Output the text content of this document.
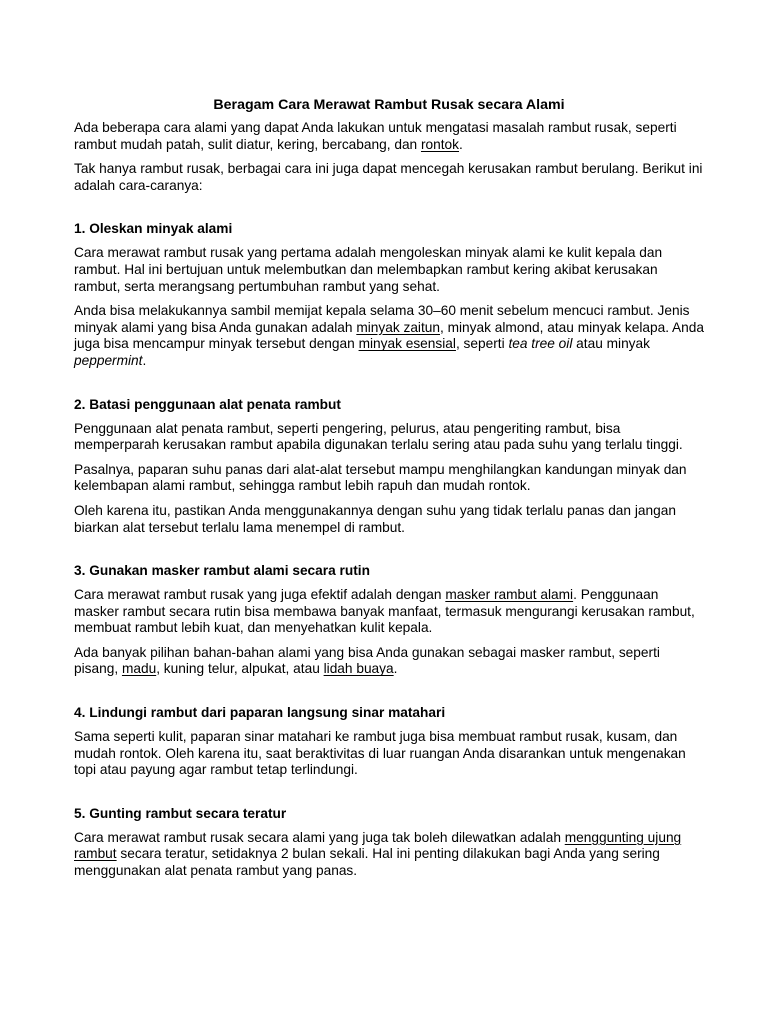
Beragam Cara Merawat Rambut Rusak secara Alami
Ada beberapa cara alami yang dapat Anda lakukan untuk mengatasi masalah rambut rusak, seperti rambut mudah patah, sulit diatur, kering, bercabang, dan rontok.
Tak hanya rambut rusak, berbagai cara ini juga dapat mencegah kerusakan rambut berulang. Berikut ini adalah cara-caranya:
1. Oleskan minyak alami
Cara merawat rambut rusak yang pertama adalah mengoleskan minyak alami ke kulit kepala dan rambut. Hal ini bertujuan untuk melembutkan dan melembapkan rambut kering akibat kerusakan rambut, serta merangsang pertumbuhan rambut yang sehat.
Anda bisa melakukannya sambil memijat kepala selama 30–60 menit sebelum mencuci rambut. Jenis minyak alami yang bisa Anda gunakan adalah minyak zaitun, minyak almond, atau minyak kelapa. Anda juga bisa mencampur minyak tersebut dengan minyak esensial, seperti tea tree oil atau minyak peppermint.
2. Batasi penggunaan alat penata rambut
Penggunaan alat penata rambut, seperti pengering, pelurus, atau pengeriting rambut, bisa memperparah kerusakan rambut apabila digunakan terlalu sering atau pada suhu yang terlalu tinggi.
Pasalnya, paparan suhu panas dari alat-alat tersebut mampu menghilangkan kandungan minyak dan kelembapan alami rambut, sehingga rambut lebih rapuh dan mudah rontok.
Oleh karena itu, pastikan Anda menggunakannya dengan suhu yang tidak terlalu panas dan jangan biarkan alat tersebut terlalu lama menempel di rambut.
3. Gunakan masker rambut alami secara rutin
Cara merawat rambut rusak yang juga efektif adalah dengan masker rambut alami. Penggunaan masker rambut secara rutin bisa membawa banyak manfaat, termasuk mengurangi kerusakan rambut, membuat rambut lebih kuat, dan menyehatkan kulit kepala.
Ada banyak pilihan bahan-bahan alami yang bisa Anda gunakan sebagai masker rambut, seperti pisang, madu, kuning telur, alpukat, atau lidah buaya.
4. Lindungi rambut dari paparan langsung sinar matahari
Sama seperti kulit, paparan sinar matahari ke rambut juga bisa membuat rambut rusak, kusam, dan mudah rontok. Oleh karena itu, saat beraktivitas di luar ruangan Anda disarankan untuk mengenakan topi atau payung agar rambut tetap terlindungi.
5. Gunting rambut secara teratur
Cara merawat rambut rusak secara alami yang juga tak boleh dilewatkan adalah menggunting ujung rambut secara teratur, setidaknya 2 bulan sekali. Hal ini penting dilakukan bagi Anda yang sering menggunakan alat penata rambut yang panas.
